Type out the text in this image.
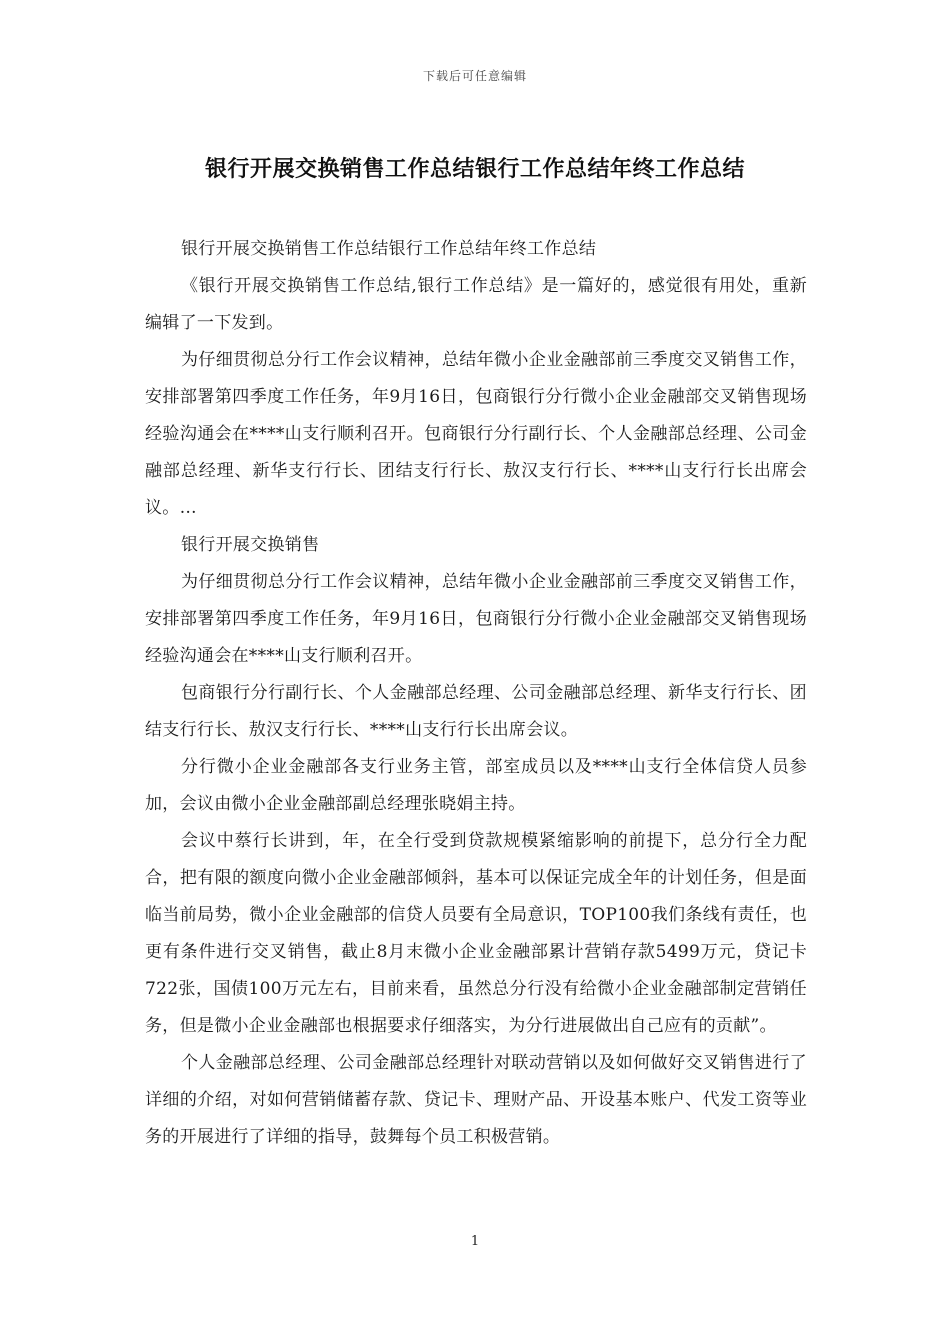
下载后可任意编辑
银行开展交换销售工作总结银行工作总结年终工作总结

银行开展交换销售工作总结银行工作总结年终工作总结

《银行开展交换销售工作总结,银行工作总结》是一篇好的，感觉很有用处，重新编辑了一下发到。

为仔细贯彻总分行工作会议精神，总结年微小企业金融部前三季度交叉销售工作，安排部署第四季度工作任务，年9月16日，包商银行分行微小企业金融部交叉销售现场经验沟通会在****山支行顺利召开。包商银行分行副行长、个人金融部总经理、公司金融部总经理、新华支行行长、团结支行行长、敖汉支行行长、****山支行行长出席会议。…

银行开展交换销售

为仔细贯彻总分行工作会议精神，总结年微小企业金融部前三季度交叉销售工作，安排部署第四季度工作任务，年9月16日，包商银行分行微小企业金融部交叉销售现场经验沟通会在****山支行顺利召开。

包商银行分行副行长、个人金融部总经理、公司金融部总经理、新华支行行长、团结支行行长、敖汉支行行长、****山支行行长出席会议。

分行微小企业金融部各支行业务主管，部室成员以及****山支行全体信贷人员参加，会议由微小企业金融部副总经理张晓娟主持。

会议中蔡行长讲到，年，在全行受到贷款规模紧缩影响的前提下，总分行全力配合，把有限的额度向微小企业金融部倾斜，基本可以保证完成全年的计划任务，但是面临当前局势，微小企业金融部的信贷人员要有全局意识，TOP100我们条线有责任，也更有条件进行交叉销售，截止8月末微小企业金融部累计营销存款5499万元，贷记卡722张，国债100万元左右，目前来看，虽然总分行没有给微小企业金融部制定营销任务，但是微小企业金融部也根据要求仔细落实，为分行进展做出自己应有的贡献”。

个人金融部总经理、公司金融部总经理针对联动营销以及如何做好交叉销售进行了详细的介绍，对如何营销储蓄存款、贷记卡、理财产品、开设基本账户、代发工资等业务的开展进行了详细的指导，鼓舞每个员工积极营销。

1
